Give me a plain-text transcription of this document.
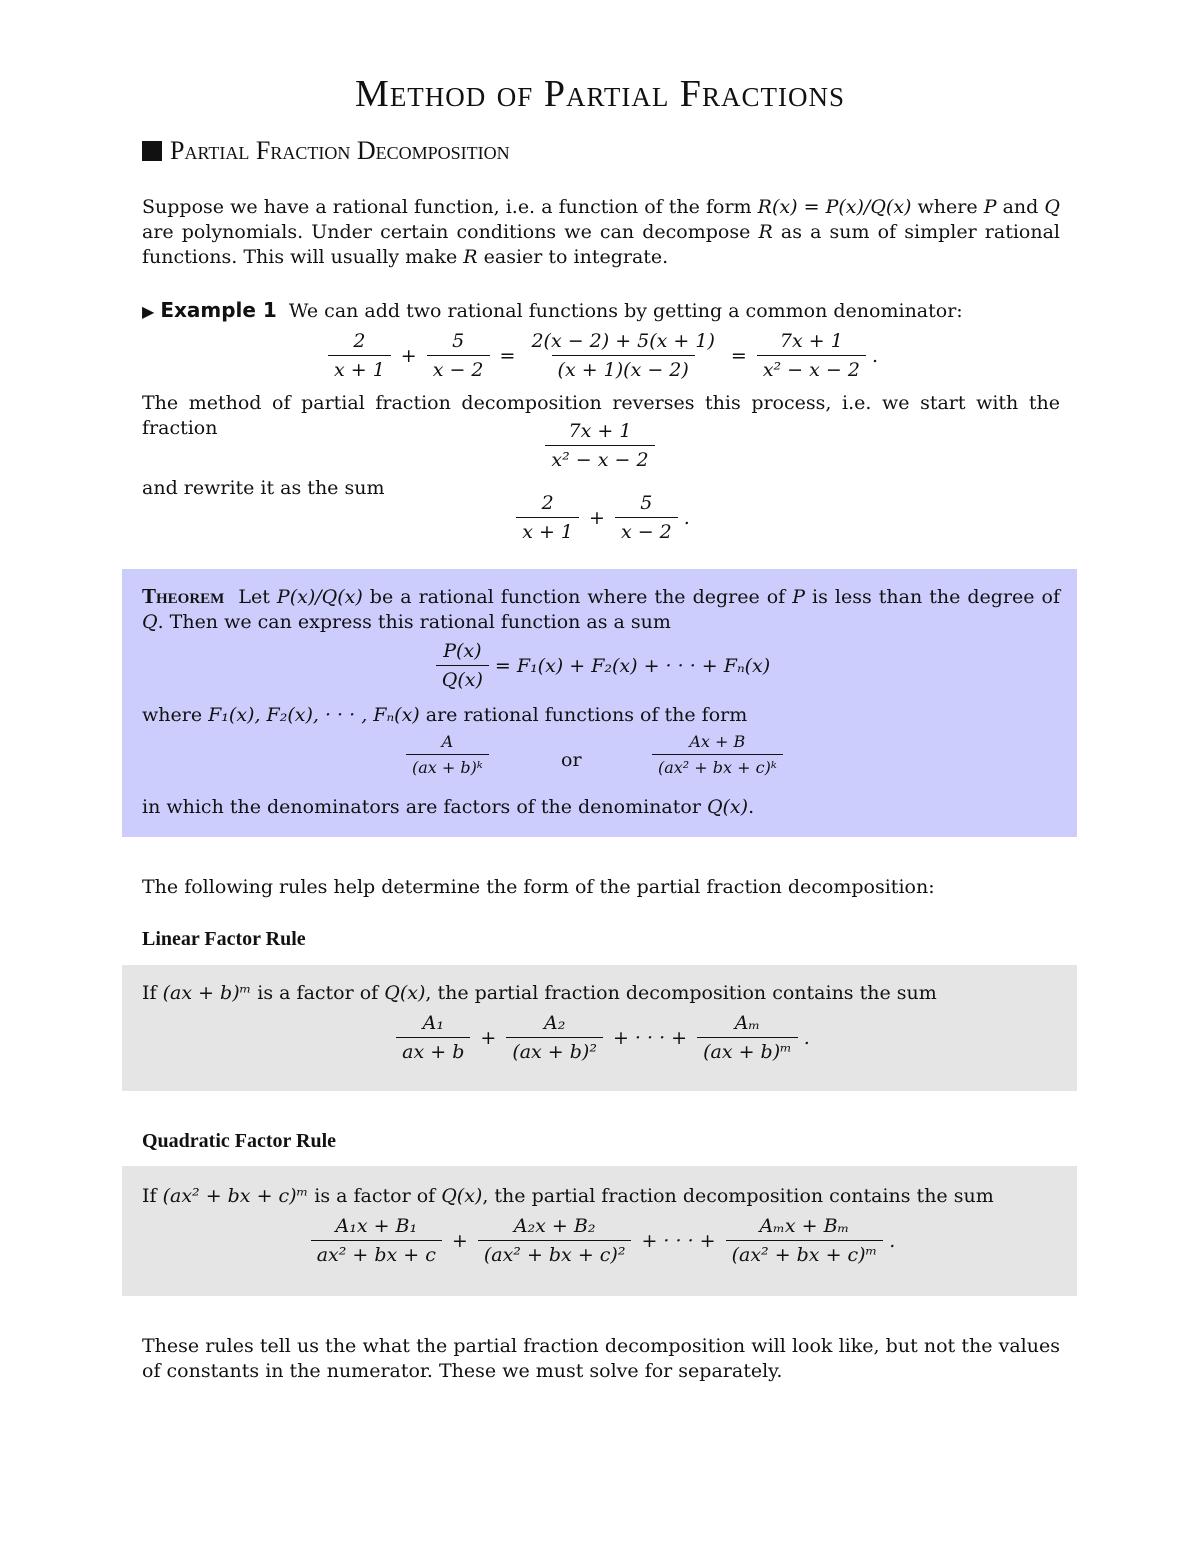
Method of Partial Fractions
Partial Fraction Decomposition
Suppose we have a rational function, i.e. a function of the form R(x) = P(x)/Q(x) where P and Q are polynomials. Under certain conditions we can decompose R as a sum of simpler rational functions. This will usually make R easier to integrate.
▶ Example 1 We can add two rational functions by getting a common denominator:
$\frac{2}{x + 1} + \frac{5}{x - 2} = \frac{2(x - 2) + 5(x + 1)}{(x + 1)(x - 2)} = \frac{7x + 1}{\text{x² − x − 2}}$ .
The method of partial fraction decomposition reverses this process, i.e. we start with the fraction	$\frac{7x + 1}{\text{x² − x − 2}}$
and rewrite it as the sum
$\frac{2}{x + 1} + \frac{5}{x - 2}$ .
Theorem Let P(x)/Q(x) be a rational function where the degree of P is less than the degree of Q. Then we can express this rational function as a sum
$\frac{P(x)}{Q(x)} = F_1(x) + F_2(x)$ + · · · + Fₙ(x)
where F₁(x), F₂(x), · · · , Fₙ(x) are rational functions of the form
$\frac{A}{\text{(ax + b)ᵏ}}$	or	$\frac{Ax + B}{\text{(ax² + bx + c)ᵏ}}$
in which the denominators are factors of the denominator Q(x).
The following rules help determine the form of the partial fraction decomposition:
Linear Factor Rule
If (ax + b)ᵐ is a factor of Q(x), the partial fraction decomposition contains the sum
$\frac{\text{A₁}}{ax + b} + \frac{\text{A₂}}{\text{(ax + b)²}}$ + · · · + $\frac{\text{Aₘ}}{\text{(ax + b)ᵐ}}$ .
Quadratic Factor Rule
If (ax² + bx + c)ᵐ is a factor of Q(x), the partial fraction decomposition contains the sum
$\frac{\text{A₁x + B₁}}{\text{ax² + bx + c}} + \frac{\text{A₂x + B₂}}{\text{(ax² + bx + c)²}}$ + · · · + $\frac{\text{Aₘx + Bₘ}}{\text{(ax² + bx + c)ᵐ}}$ .
These rules tell us the what the partial fraction decomposition will look like, but not the values of constants in the numerator. These we must solve for separately.
